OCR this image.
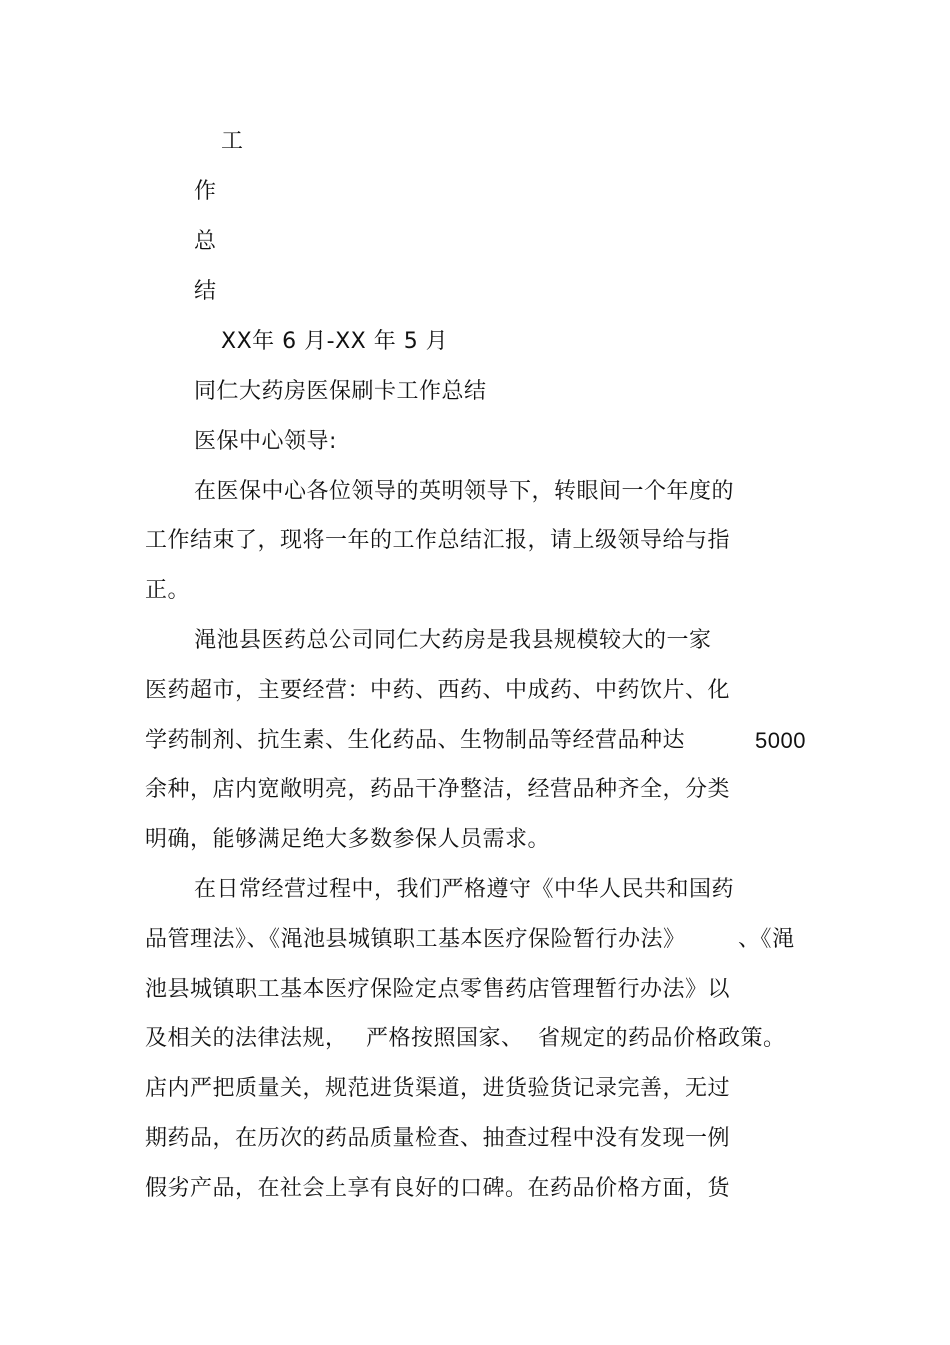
工
作
总
结
XX年 6 月-XX 年 5 月
同仁大药房医保刷卡工作总结
医保中心领导:
在医保中心各位领导的英明领导下，转眼间一个年度的
工作结束了，现将一年的工作总结汇报，请上级领导给与指
正。
渑池县医药总公司同仁大药房是我县规模较大的一家
医药超市，主要经营：中药、西药、中成药、中药饮片、化
学药制剂、抗生素、生化药品、生物制品等经营品种达	5000
余种，店内宽敞明亮，药品干净整洁，经营品种齐全，分类
明确，能够满足绝大多数参保人员需求。
在日常经营过程中，我们严格遵守《中华人民共和国药
品管理法》、《渑池县城镇职工基本医疗保险暂行办法》 、《渑
池县城镇职工基本医疗保险定点零售药店管理暂行办法》以
及相关的法律法规， 严格按照国家、 省规定的药品价格政策。
店内严把质量关，规范进货渠道，进货验货记录完善，无过
期药品，在历次的药品质量检查、抽查过程中没有发现一例
假劣产品，在社会上享有良好的口碑。在药品价格方面，货
